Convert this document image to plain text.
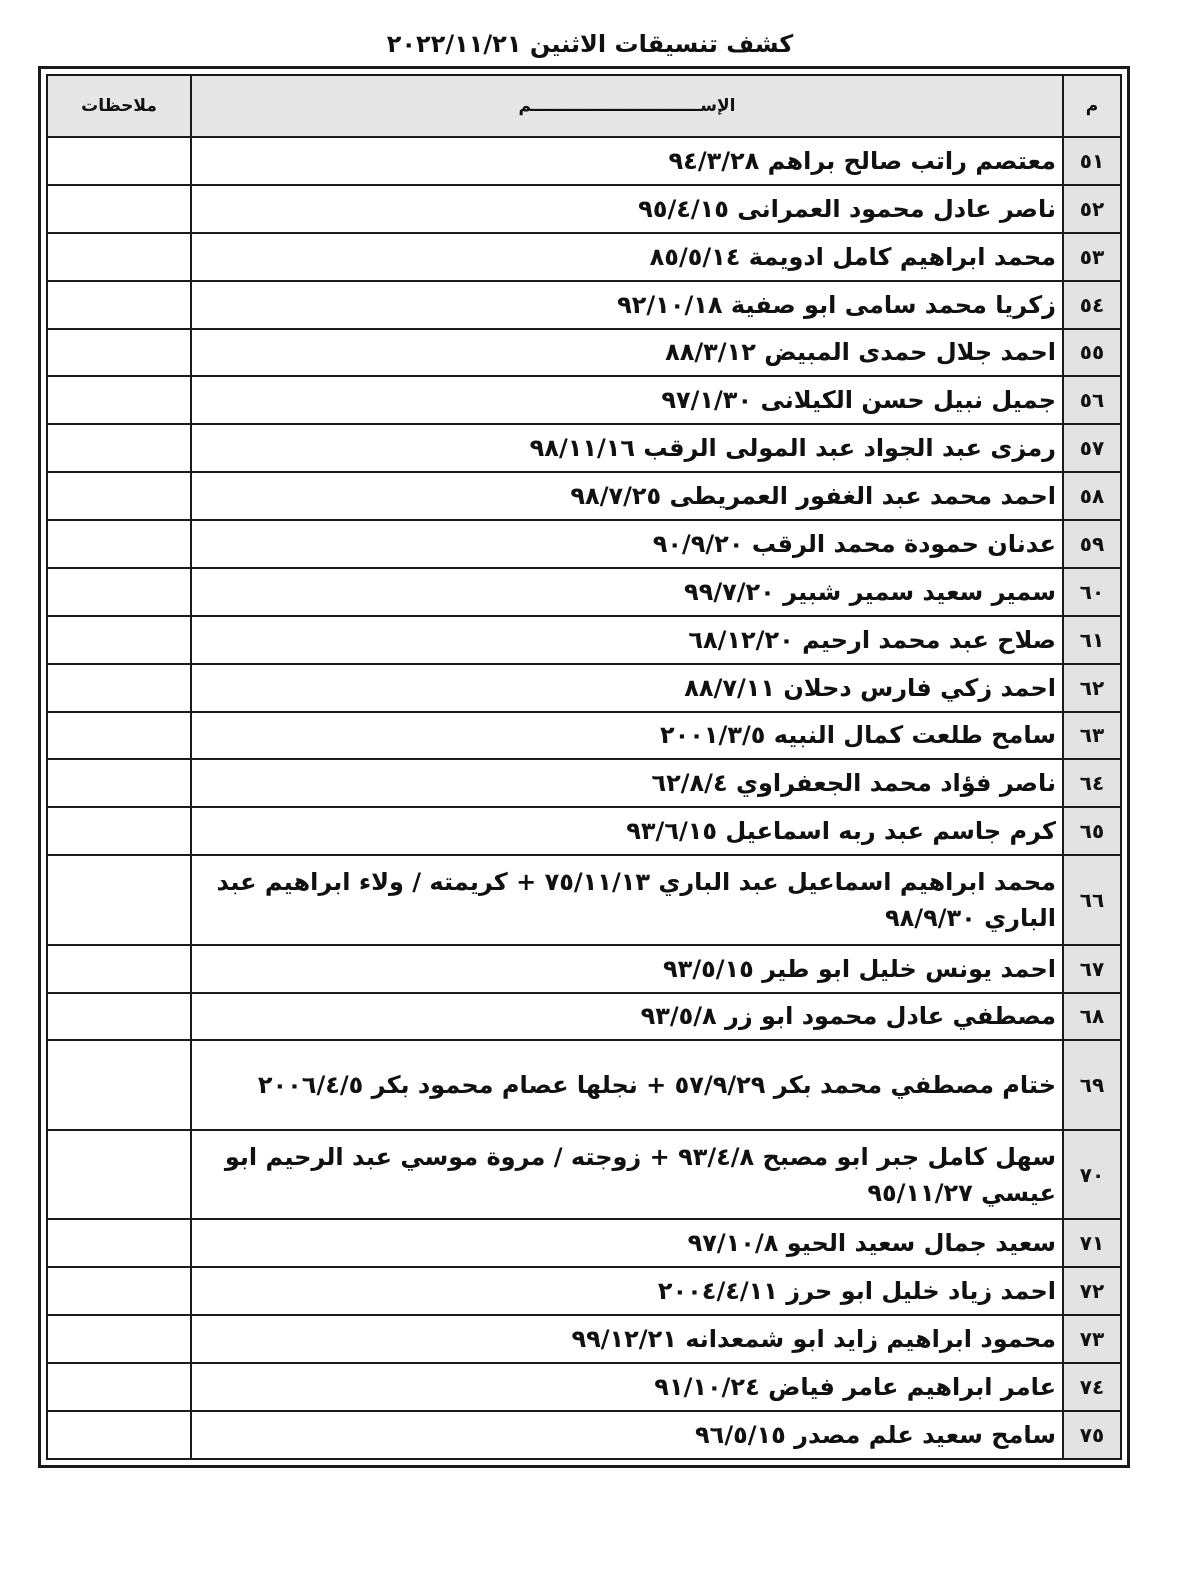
كشف تنسيقات الاثنين ٢٠٢٢/١١/٢١
م	الإســـــــــــــــــــــــــــــم	ملاحظات
٥١	معتصم راتب صالح براهم ٩٤/٣/٢٨	
٥٢	ناصر عادل محمود العمرانى ٩٥/٤/١٥	
٥٣	محمد ابراهيم كامل ادويمة ٨٥/٥/١٤	
٥٤	زكريا محمد سامى ابو صفية ٩٢/١٠/١٨	
٥٥	احمد جلال حمدى المبيض ٨٨/٣/١٢	
٥٦	جميل نبيل حسن الكيلانى ٩٧/١/٣٠	
٥٧	رمزى عبد الجواد عبد المولى الرقب ٩٨/١١/١٦	
٥٨	احمد محمد عبد الغفور العمريطى ٩٨/٧/٢٥	
٥٩	عدنان حمودة محمد الرقب ٩٠/٩/٢٠	
٦٠	سمير سعيد سمير شبير ٩٩/٧/٢٠	
٦١	صلاح عبد محمد ارحيم ٦٨/١٢/٢٠	
٦٢	احمد زكي فارس دحلان ٨٨/٧/١١	
٦٣	سامح طلعت كمال النبيه ٢٠٠١/٣/٥	
٦٤	ناصر فؤاد محمد الجعفراوي ٦٢/٨/٤	
٦٥	كرم جاسم عبد ربه اسماعيل ٩٣/٦/١٥	
٦٦	محمد ابراهيم اسماعيل عبد الباري ٧٥/١١/١٣ + كريمته / ولاء ابراهيم عبد الباري ٩٨/٩/٣٠	
٦٧	احمد يونس خليل ابو طير ٩٣/٥/١٥	
٦٨	مصطفي عادل محمود ابو زر ٩٣/٥/٨	
٦٩	ختام مصطفي محمد بكر ٥٧/٩/٢٩ + نجلها عصام محمود بكر ٢٠٠٦/٤/٥	
٧٠	سهل كامل جبر ابو مصبح ٩٣/٤/٨ + زوجته / مروة موسي عبد الرحيم ابو عيسي ٩٥/١١/٢٧	
٧١	سعيد جمال سعيد الحيو ٩٧/١٠/٨	
٧٢	احمد زياد خليل ابو حرز ٢٠٠٤/٤/١١	
٧٣	محمود ابراهيم زايد ابو شمعدانه ٩٩/١٢/٢١	
٧٤	عامر ابراهيم عامر فياض ٩١/١٠/٢٤	
٧٥	سامح سعيد علم مصدر ٩٦/٥/١٥	
